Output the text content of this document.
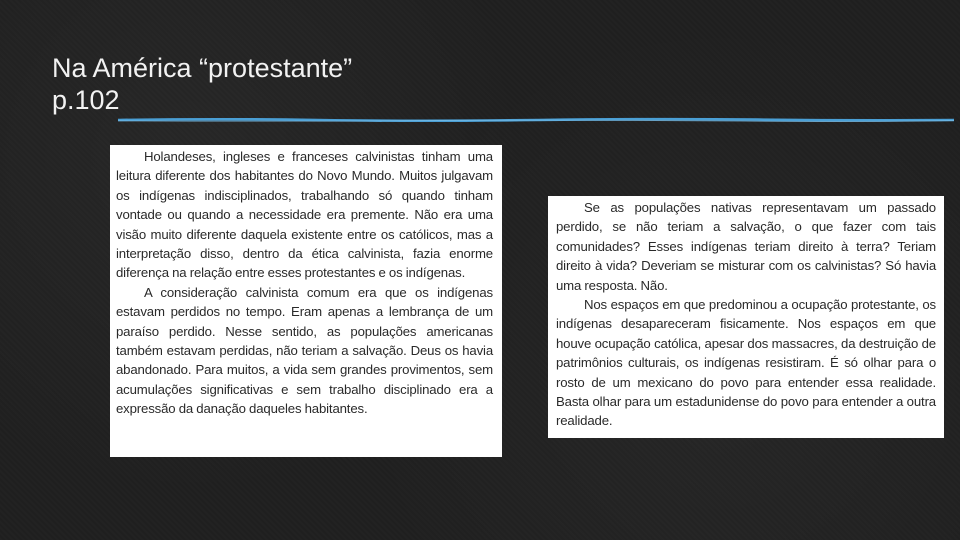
Na América “protestante”
p.102

Holandeses, ingleses e franceses calvinistas tinham uma leitura diferente dos habitantes do Novo Mundo. Muitos julgavam os indígenas indisciplinados, trabalhando só quando tinham vontade ou quando a necessidade era premente. Não era uma visão muito diferente daquela existente entre os católicos, mas a interpretação disso, dentro da ética calvinista, fazia enorme diferença na relação entre esses protestantes e os indígenas.

A consideração calvinista comum era que os indígenas estavam perdidos no tempo. Eram apenas a lembrança de um paraíso perdido. Nesse sentido, as populações americanas também estavam perdidas, não teriam a salvação. Deus os havia abandonado. Para muitos, a vida sem grandes provimentos, sem acumulações significativas e sem trabalho disciplinado era a expressão da danação daqueles habitantes.

Se as populações nativas representavam um passado perdido, se não teriam a salvação, o que fazer com tais comunidades? Esses indígenas teriam direito à terra? Teriam direito à vida? Deveriam se misturar com os calvinistas? Só havia uma resposta. Não.

Nos espaços em que predominou a ocupação protestante, os indígenas desapareceram fisicamente. Nos espaços em que houve ocupação católica, apesar dos massacres, da destruição de patrimônios culturais, os indígenas resistiram. É só olhar para o rosto de um mexicano do povo para entender essa realidade. Basta olhar para um estadunidense do povo para entender a outra realidade.
